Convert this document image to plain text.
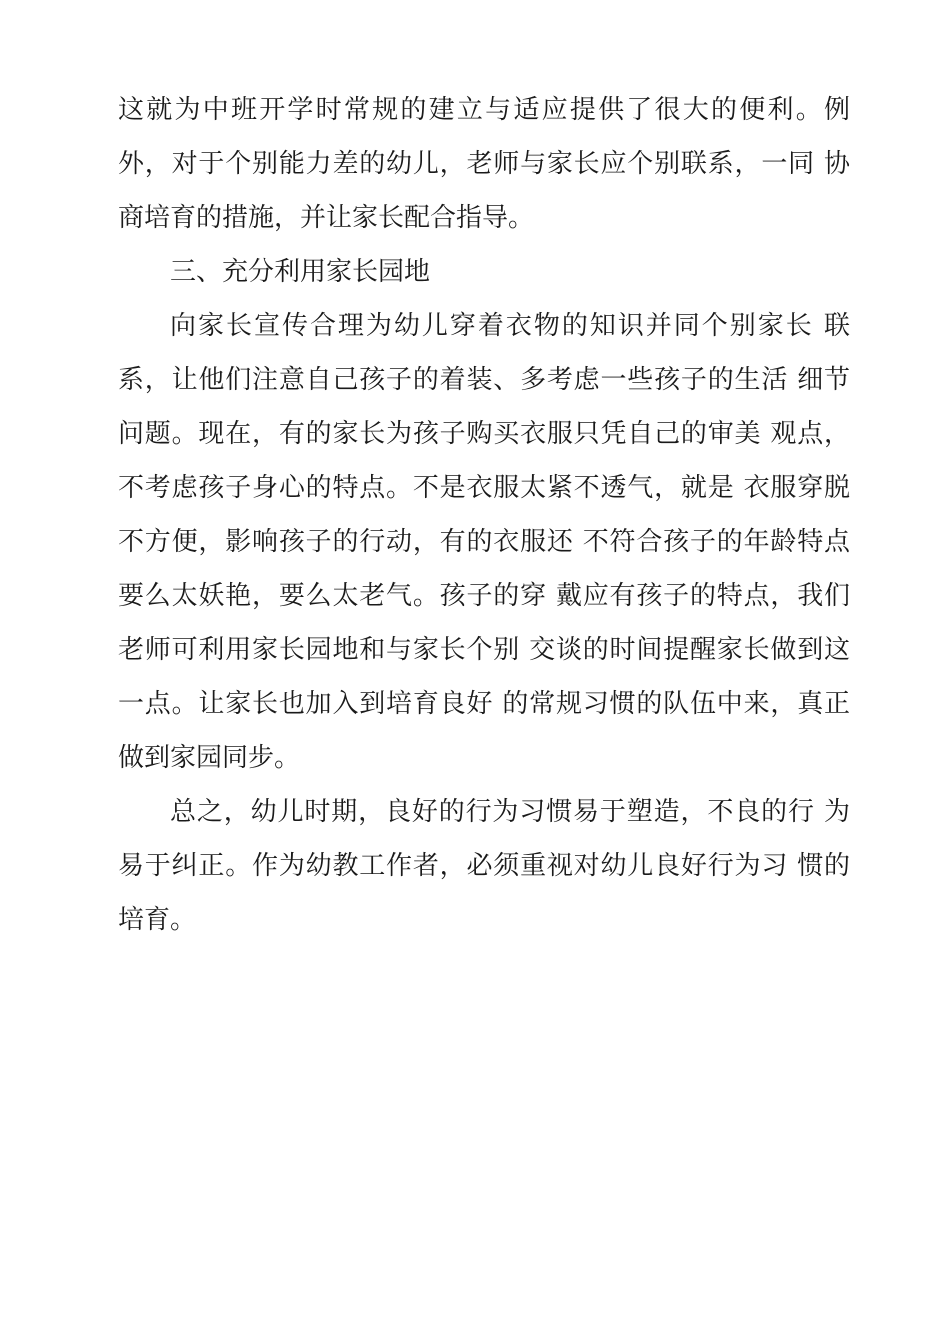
这就为中班开学时常规的建立与适应提供了很大的便利。例
外，对于个别能力差的幼儿，老师与家长应个别联系，一同 协
商培育的措施，并让家长配合指导。
三、充分利用家长园地
向家长宣传合理为幼儿穿着衣物的知识并同个别家长 联
系，让他们注意自己孩子的着装、多考虑一些孩子的生活 细节
问题。现在，有的家长为孩子购买衣服只凭自己的审美 观点，
不考虑孩子身心的特点。不是衣服太紧不透气，就是 衣服穿脱
不方便，影响孩子的行动，有的衣服还 不符合孩子的年龄特点
要么太妖艳，要么太老气。孩子的穿 戴应有孩子的特点，我们
老师可利用家长园地和与家长个别 交谈的时间提醒家长做到这
一点。让家长也加入到培育良好 的常规习惯的队伍中来，真正
做到家园同步。
总之，幼儿时期，良好的行为习惯易于塑造，不良的行 为
易于纠正。作为幼教工作者，必须重视对幼儿良好行为习 惯的
培育。
